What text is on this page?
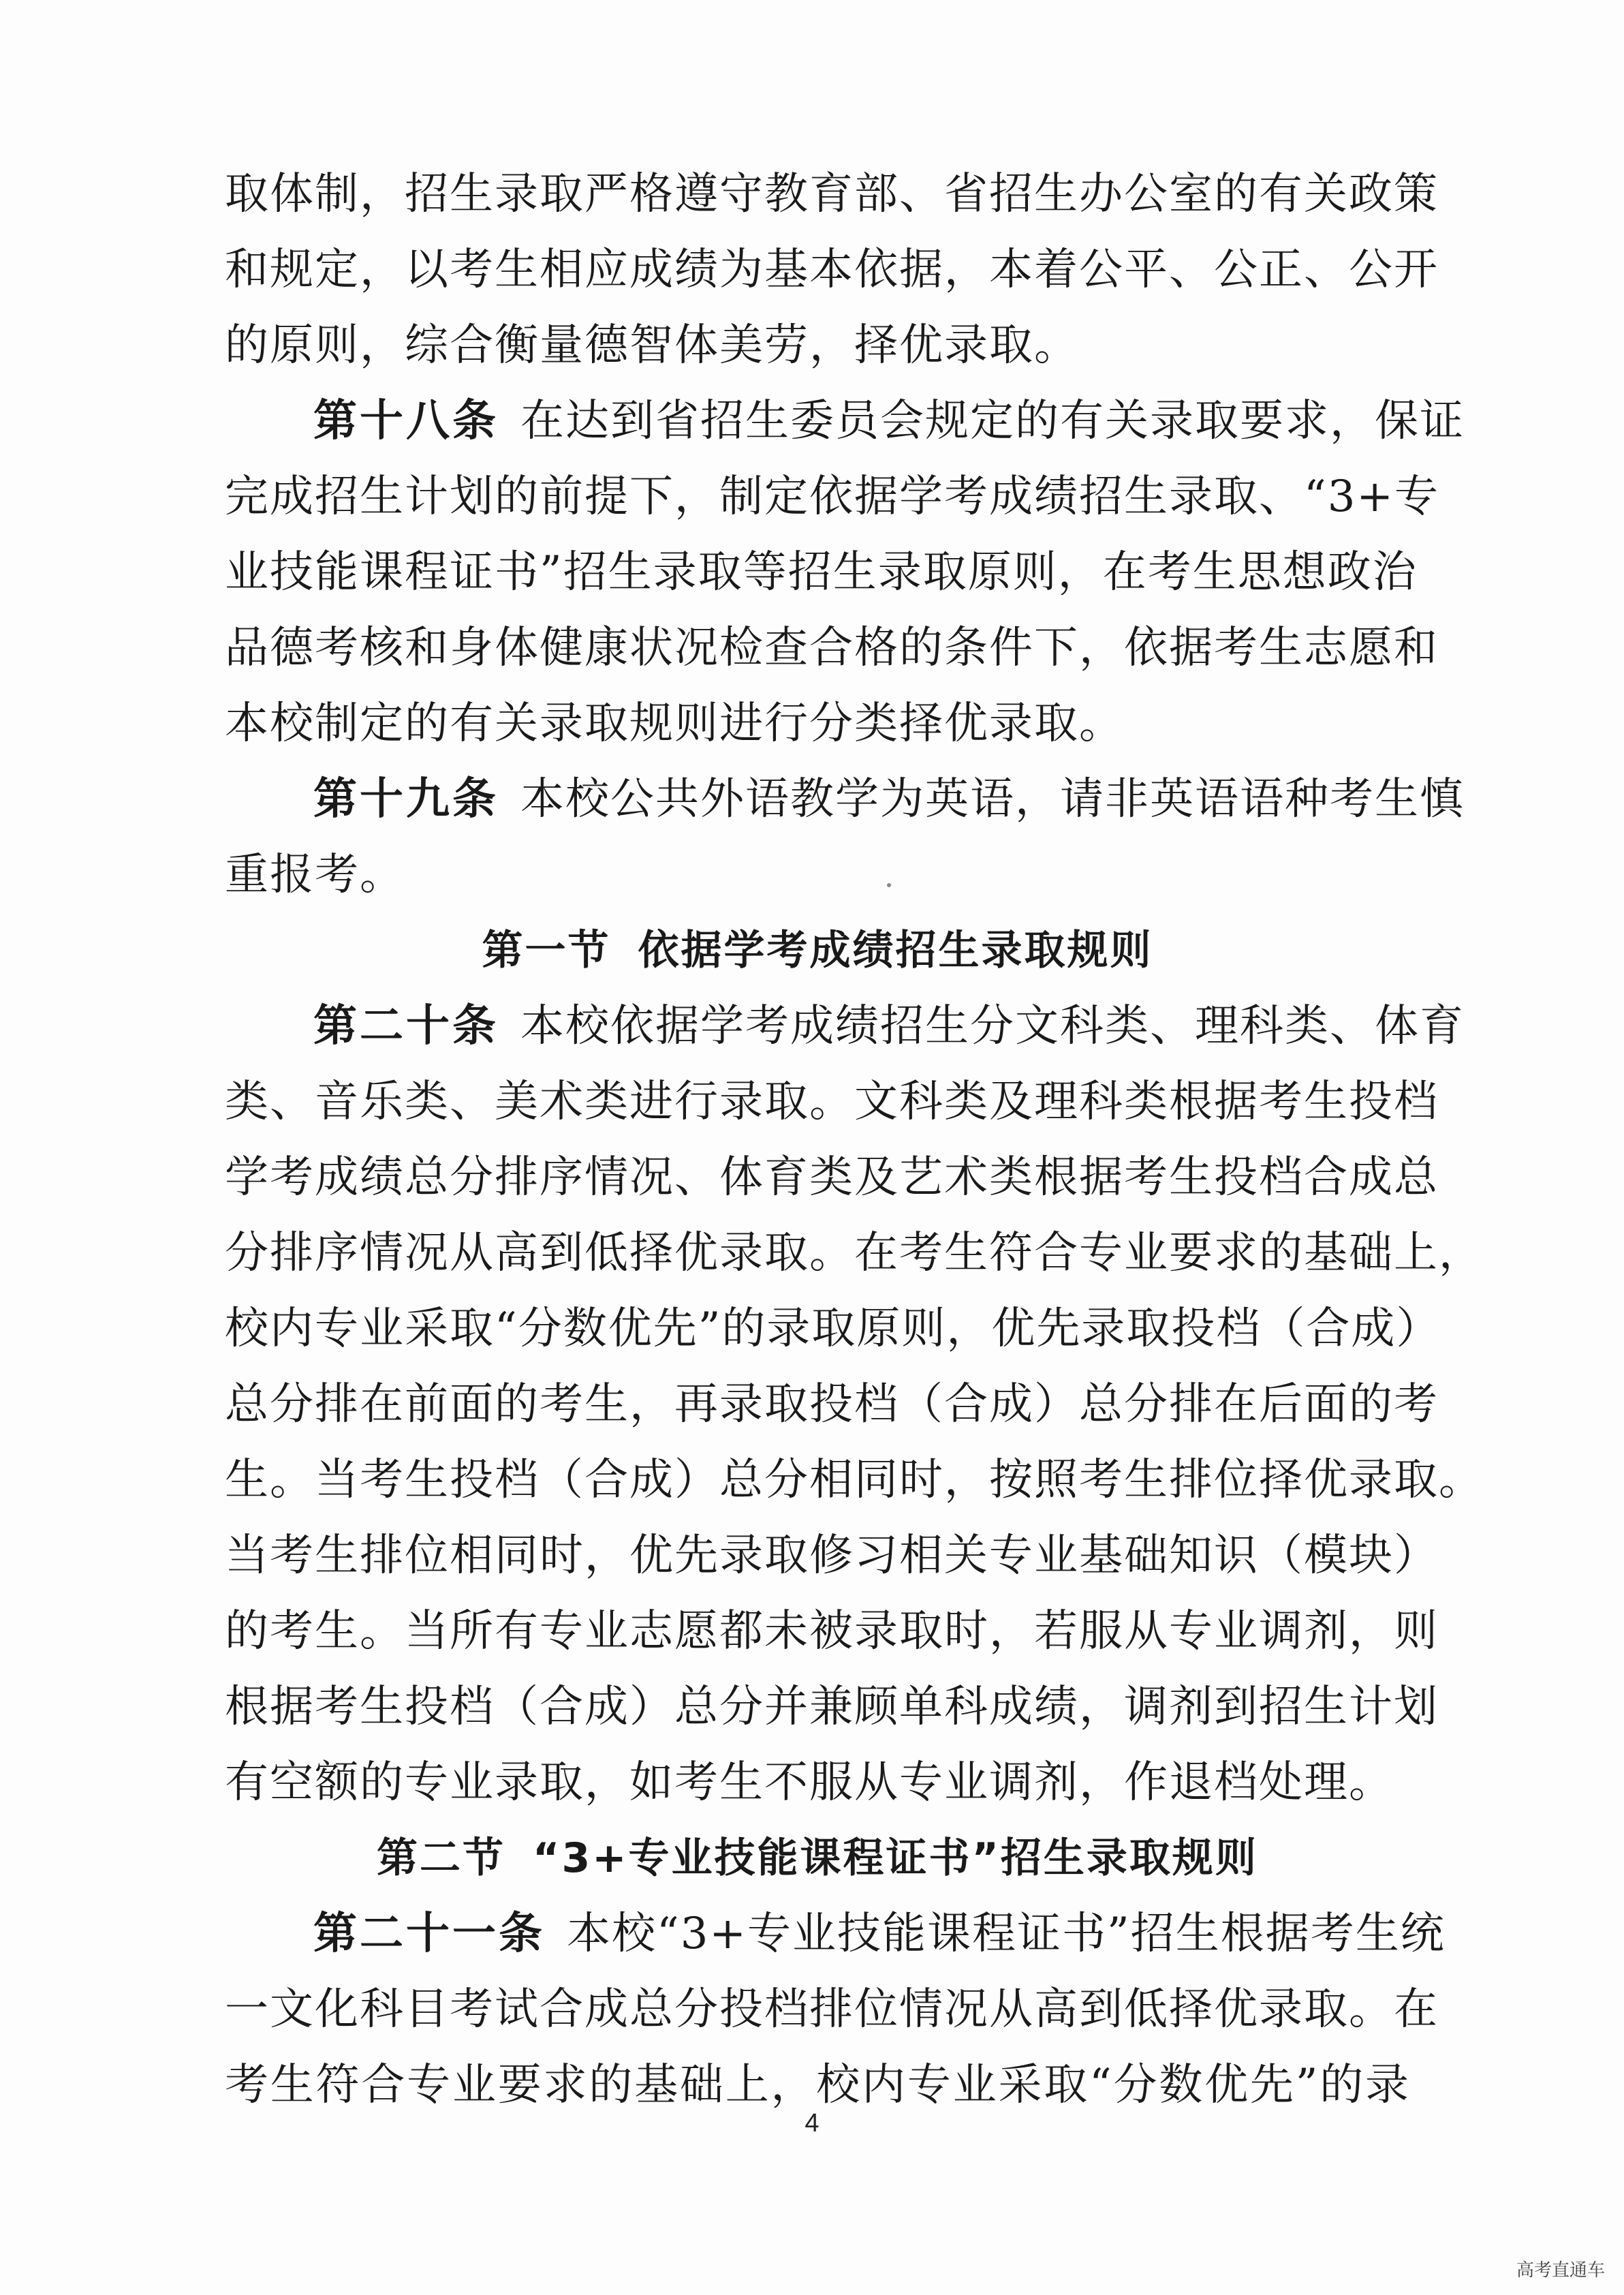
取体制，招生录取严格遵守教育部、省招生办公室的有关政策
和规定，以考生相应成绩为基本依据，本着公平、公正、公开
的原则，综合衡量德智体美劳，择优录取。
第十八条 在达到省招生委员会规定的有关录取要求，保证
完成招生计划的前提下，制定依据学考成绩招生录取、“3+专
业技能课程证书”招生录取等招生录取原则，在考生思想政治
品德考核和身体健康状况检查合格的条件下，依据考生志愿和
本校制定的有关录取规则进行分类择优录取。
第十九条 本校公共外语教学为英语，请非英语语种考生慎
重报考。
第一节 依据学考成绩招生录取规则
第二十条 本校依据学考成绩招生分文科类、理科类、体育
类、音乐类、美术类进行录取。文科类及理科类根据考生投档
学考成绩总分排序情况、体育类及艺术类根据考生投档合成总
分排序情况从高到低择优录取。在考生符合专业要求的基础上，
校内专业采取“分数优先”的录取原则，优先录取投档（合成）
总分排在前面的考生，再录取投档（合成）总分排在后面的考
生。当考生投档（合成）总分相同时，按照考生排位择优录取。
当考生排位相同时，优先录取修习相关专业基础知识（模块）
的考生。当所有专业志愿都未被录取时，若服从专业调剂，则
根据考生投档（合成）总分并兼顾单科成绩，调剂到招生计划
有空额的专业录取，如考生不服从专业调剂，作退档处理。
第二节 “3+专业技能课程证书”招生录取规则
第二十一条 本校“3+专业技能课程证书”招生根据考生统
一文化科目考试合成总分投档排位情况从高到低择优录取。在
考生符合专业要求的基础上，校内专业采取“分数优先”的录
4
高考直通车
